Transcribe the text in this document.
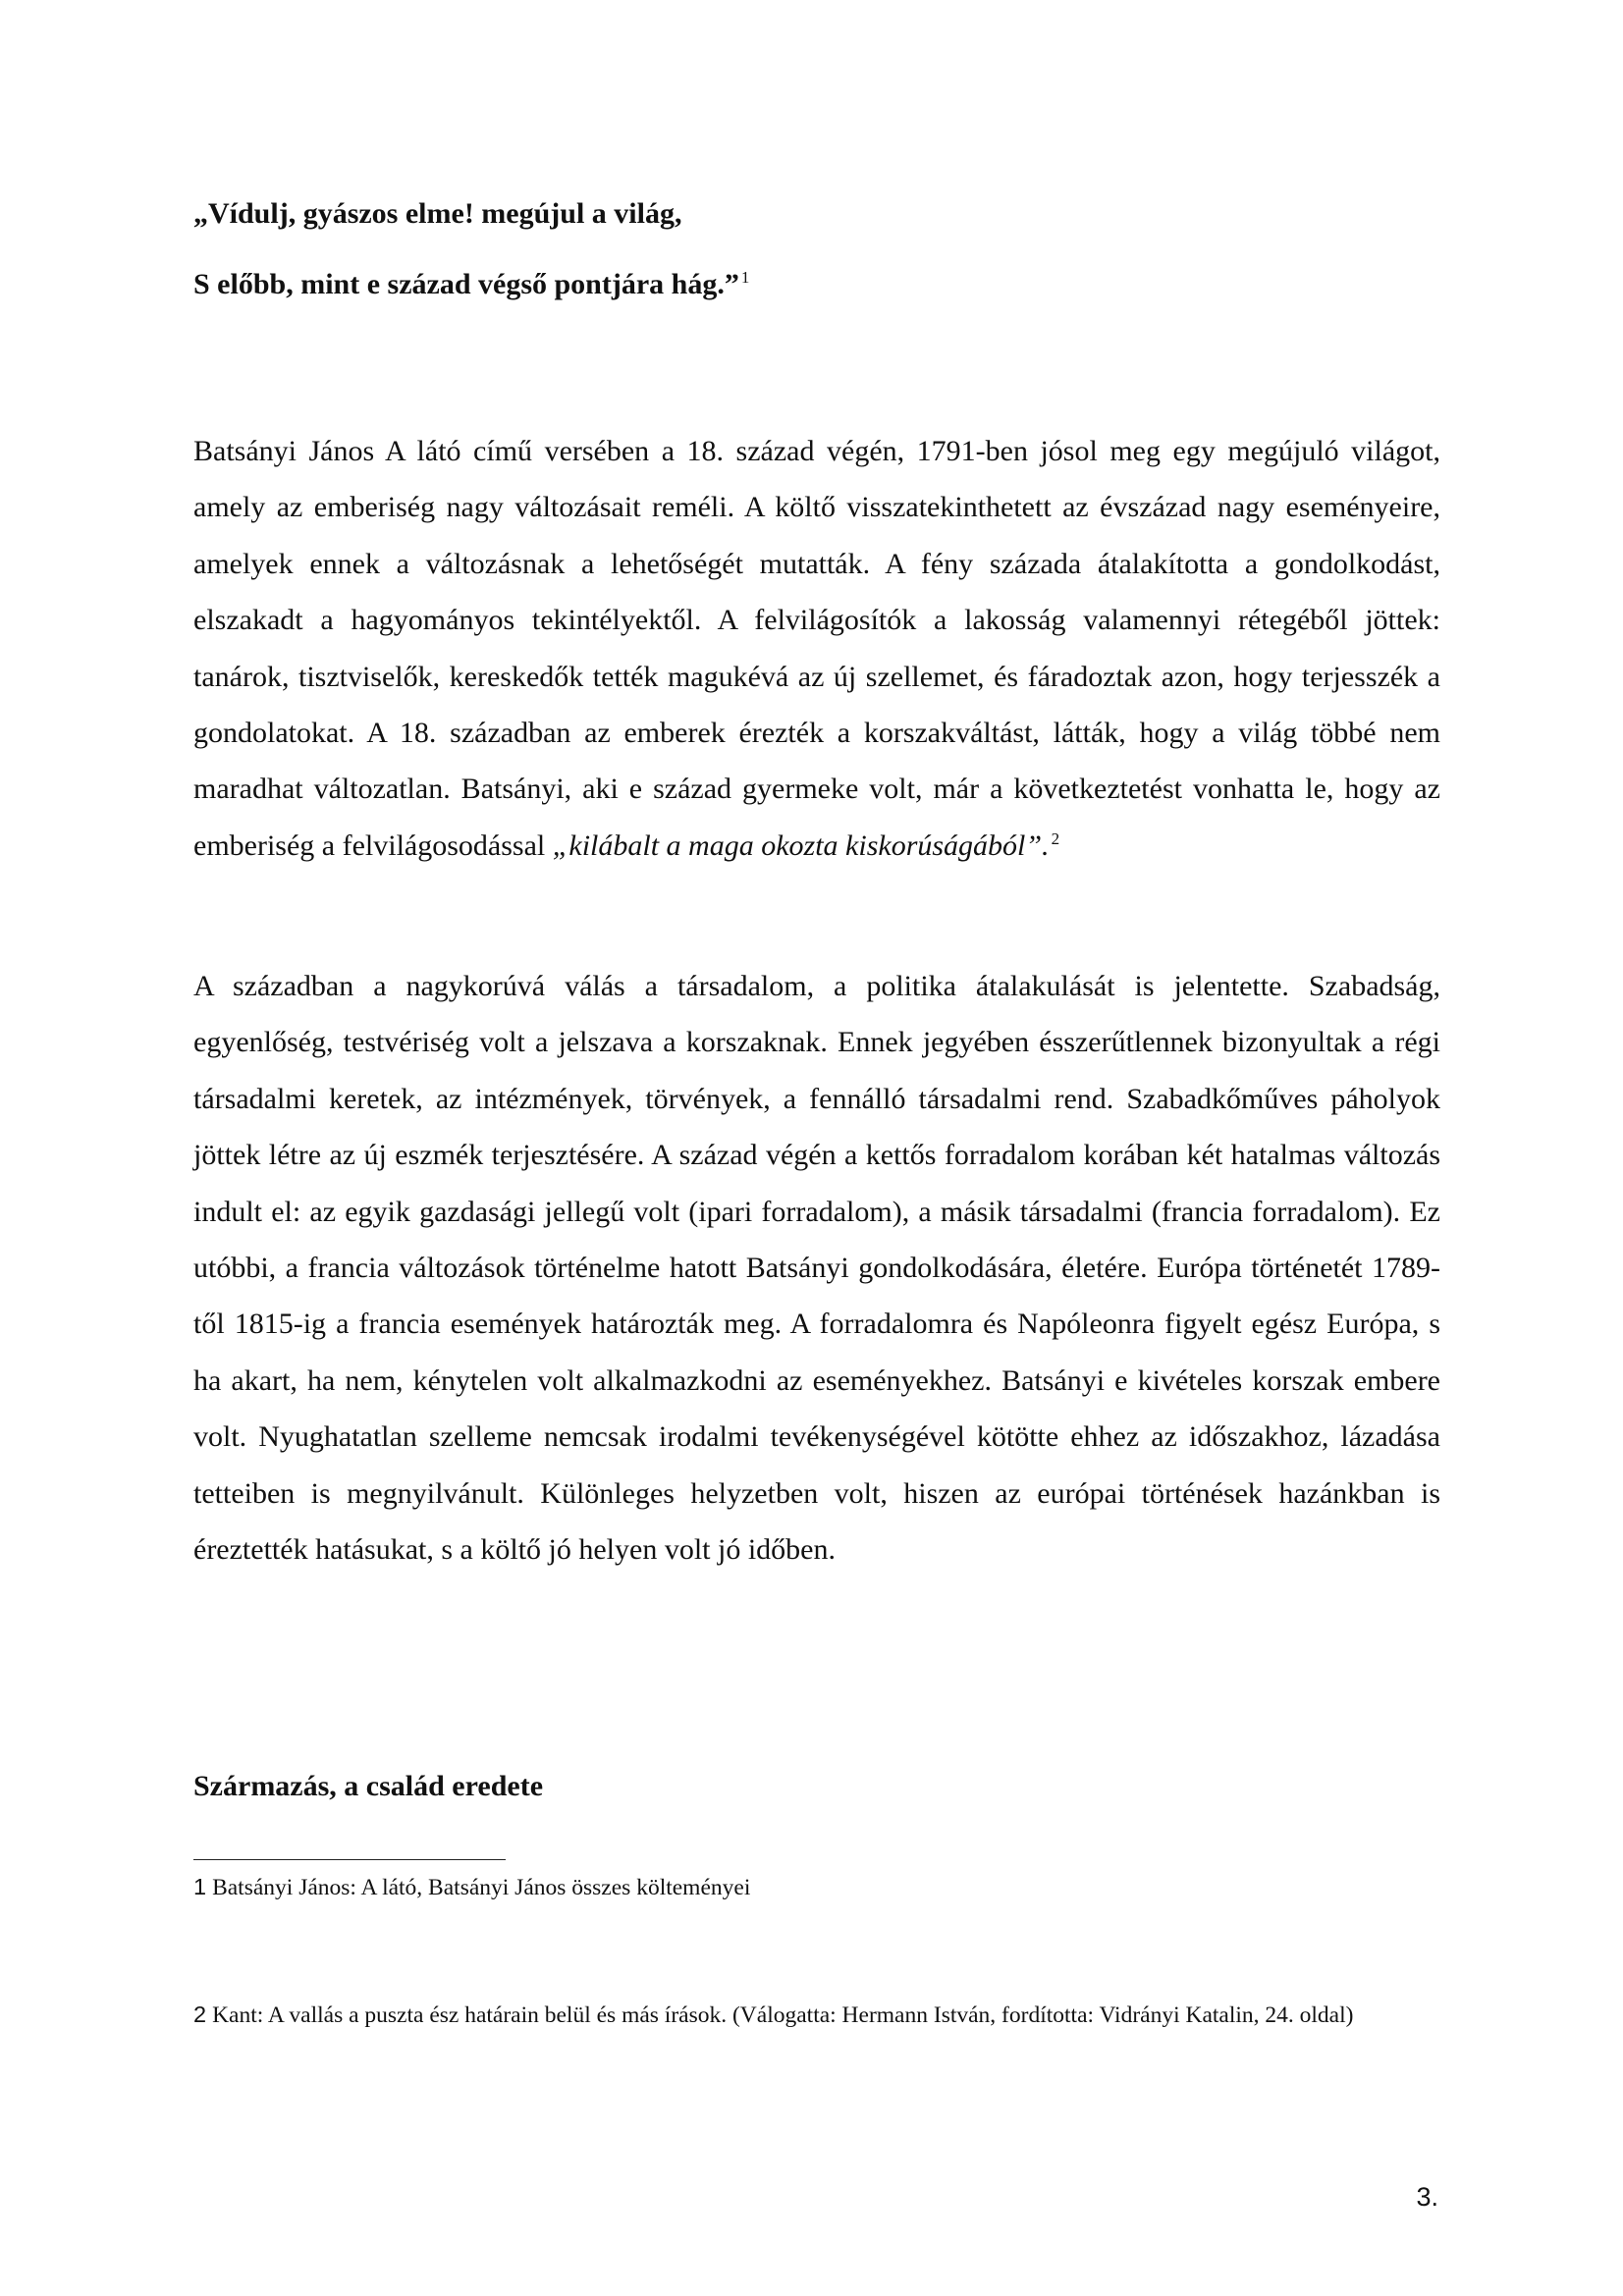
„Vídulj, gyászos elme! megújul a világ,
S előbb, mint e század végső pontjára hág.” $^1$

Batsányi János A látó című versében a 18. század végén, 1791-ben jósol meg egy megújuló világot, amely az emberiség nagy változásait reméli. A költő visszatekinthetett az évszázad nagy eseményeire, amelyek ennek a változásnak a lehetőségét mutatták. A fény százada átalakította a gondolkodást, elszakadt a hagyományos tekintélyektől. A felvilágosítók a lakosság valamennyi rétegéből jöttek: tanárok, tisztviselők, kereskedők tették magukévá az új szellemet, és fáradoztak azon, hogy terjesszék a gondolatokat. A 18. században az emberek érezték a korszakváltást, látták, hogy a világ többé nem maradhat változatlan. Batsányi, aki e század gyermeke volt, már a következtetést vonhatta le, hogy az emberiség a felvilágosodással „kilábalt a maga okozta kiskorúságából”. $^2$

A században a nagykorúvá válás a társadalom, a politika átalakulását is jelentette. Szabadság, egyenlőség, testvériség volt a jelszava a korszaknak. Ennek jegyében ésszerűtlennek bizonyultak a régi társadalmi keretek, az intézmények, törvények, a fennálló társadalmi rend. Szabadkőműves páholyok jöttek létre az új eszmék terjesztésére. A század végén a kettős forradalom korában két hatalmas változás indult el: az egyik gazdasági jellegű volt (ipari forradalom), a másik társadalmi (francia forradalom). Ez utóbbi, a francia változások történelme hatott Batsányi gondolkodására, életére. Európa történetét 1789-től 1815-ig a francia események határozták meg. A forradalomra és Napóleonra figyelt egész Európa, s ha akart, ha nem, kénytelen volt alkalmazkodni az eseményekhez. Batsányi e kivételes korszak embere volt. Nyughatatlan szelleme nemcsak irodalmi tevékenységével kötötte ehhez az időszakhoz, lázadása tetteiben is megnyilvánult. Különleges helyzetben volt, hiszen az európai történések hazánkban is éreztették hatásukat, s a költő jó helyen volt jó időben.

Származás, a család eredete

1 Batsányi János: A látó, Batsányi János összes költeményei

2 Kant: A vallás a puszta ész határain belül és más írások. (Válogatta: Hermann István, fordította: Vidrányi Katalin, 24. oldal)

3.
